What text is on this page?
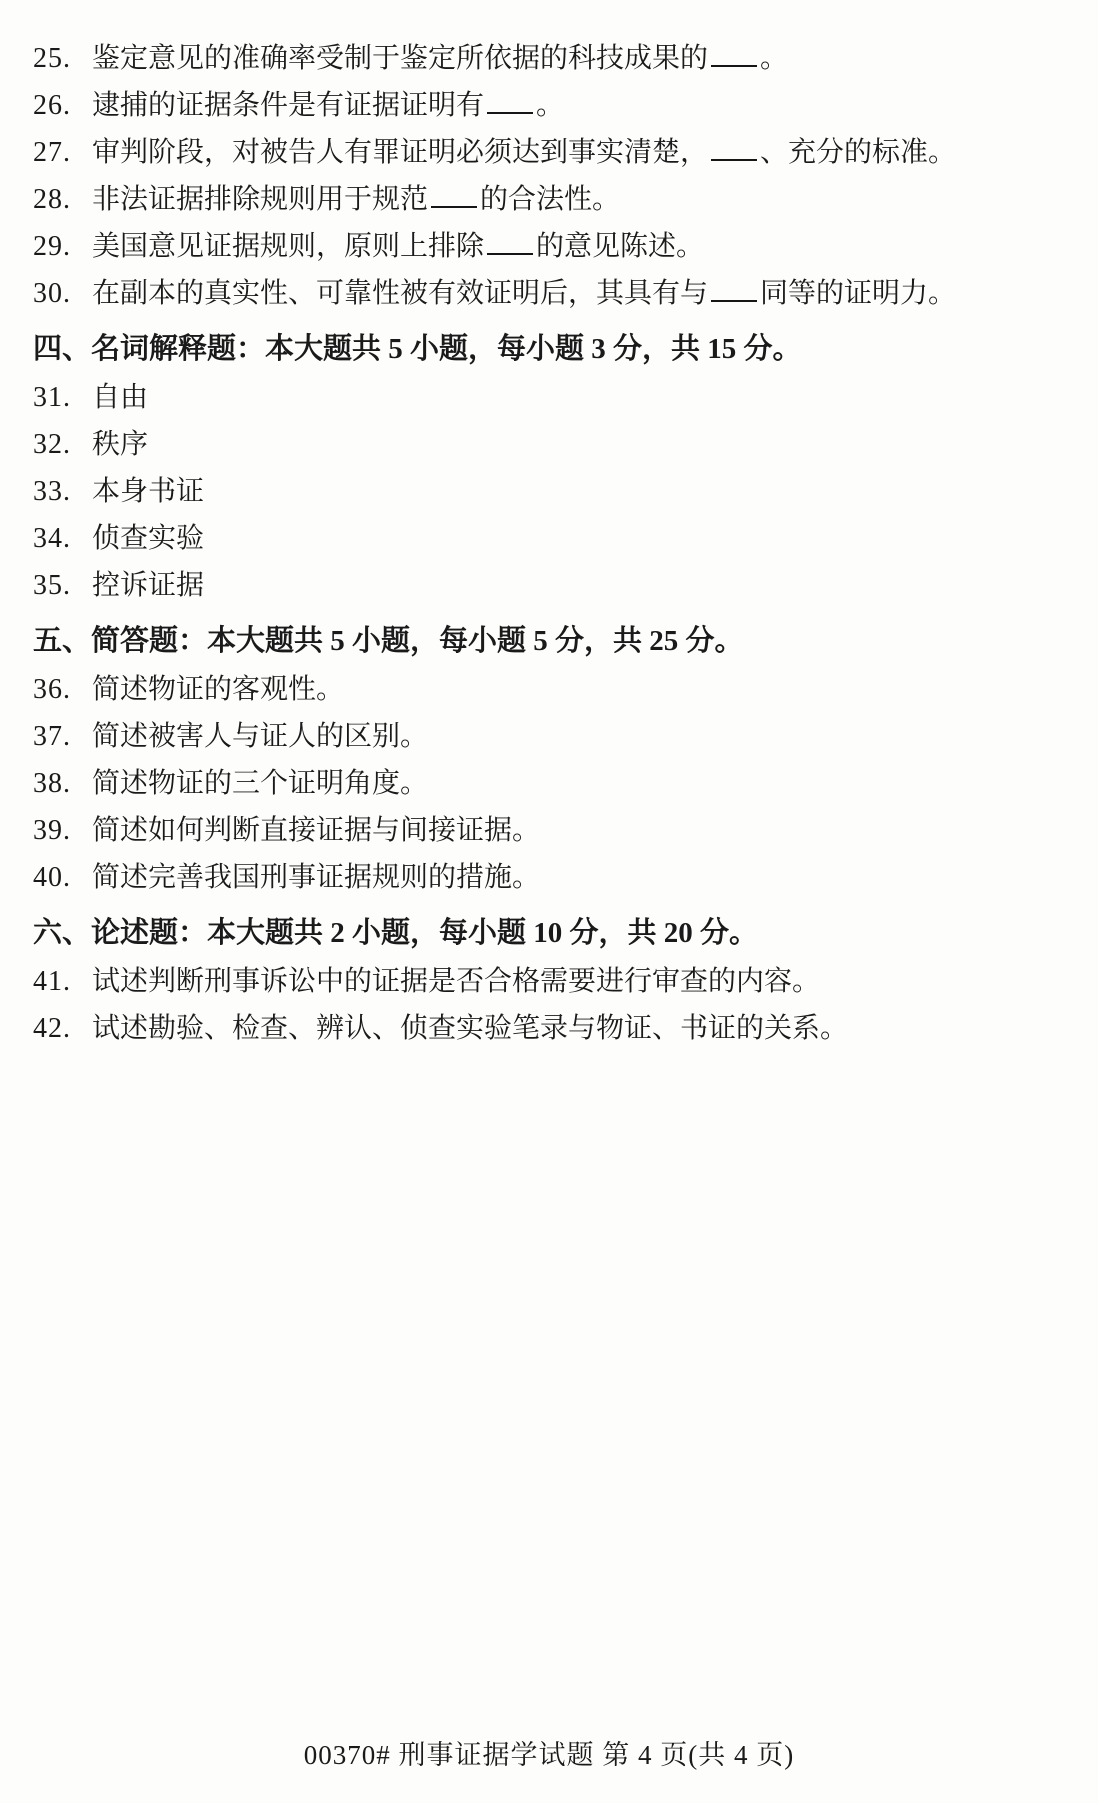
25. 鉴定意见的准确率受制于鉴定所依据的科技成果的 。
26. 逮捕的证据条件是有证据证明有 。
27. 审判阶段，对被告人有罪证明必须达到事实清楚， 、充分的标准。
28. 非法证据排除规则用于规范 的合法性。
29. 美国意见证据规则，原则上排除 的意见陈述。
30. 在副本的真实性、可靠性被有效证明后，其具有与 同等的证明力。
四、名词解释题：本大题共 5 小题，每小题 3 分，共 15 分。
31. 自由
32. 秩序
33. 本身书证
34. 侦查实验
35. 控诉证据
五、简答题：本大题共 5 小题，每小题 5 分，共 25 分。
36. 简述物证的客观性。
37. 简述被害人与证人的区别。
38. 简述物证的三个证明角度。
39. 简述如何判断直接证据与间接证据。
40. 简述完善我国刑事证据规则的措施。
六、论述题：本大题共 2 小题，每小题 10 分，共 20 分。
41. 试述判断刑事诉讼中的证据是否合格需要进行审查的内容。
42. 试述勘验、检查、辨认、侦查实验笔录与物证、书证的关系。
00370# 刑事证据学试题 第 4 页(共 4 页)
